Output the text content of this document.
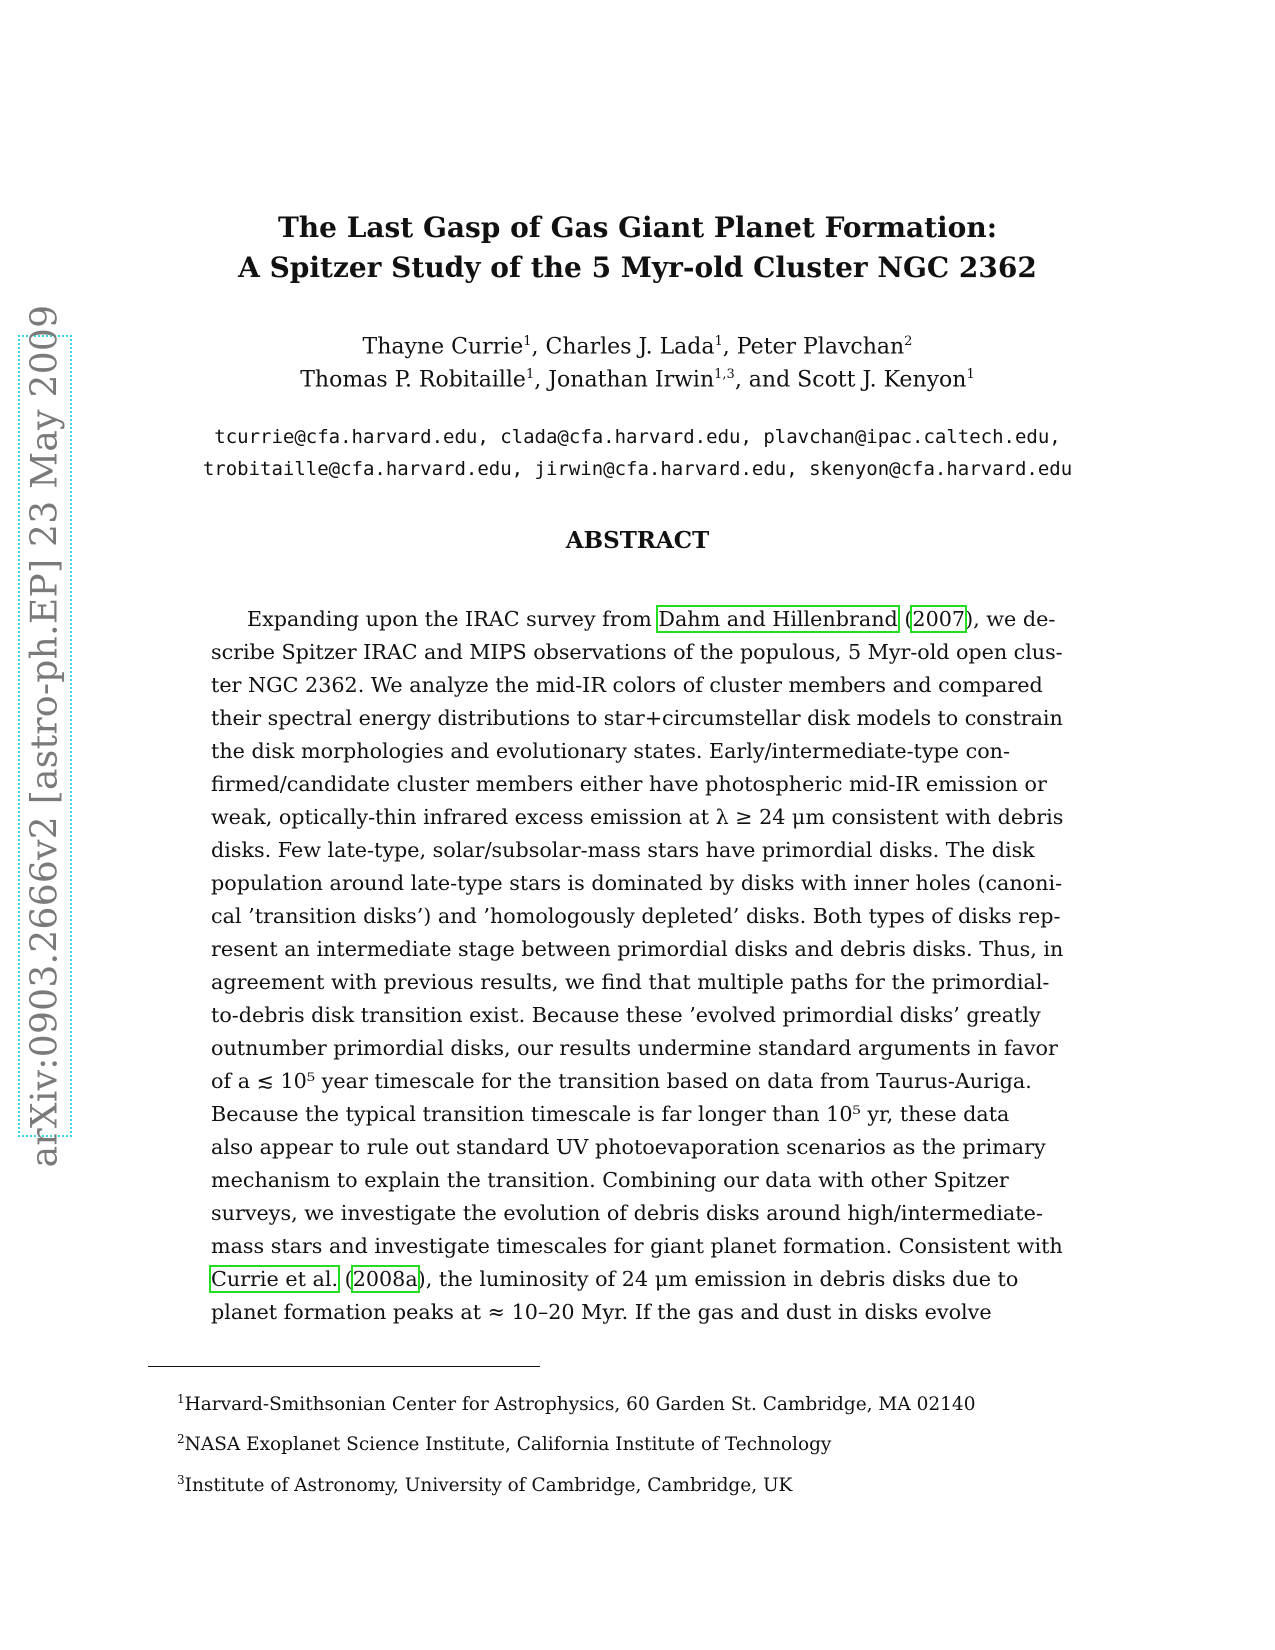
arXiv:0903.2666v2 [astro-ph.EP] 23 May 2009
The Last Gasp of Gas Giant Planet Formation:
A Spitzer Study of the 5 Myr-old Cluster NGC 2362
Thayne Currie$^1$, Charles J. Lada$^1$, Peter Plavchan$^2$
Thomas P. Robitaille$^1$, Jonathan Irwin$^{1,3}$, and Scott J. Kenyon$^1$
tcurrie@cfa.harvard.edu, clada@cfa.harvard.edu, plavchan@ipac.caltech.edu,
trobitaille@cfa.harvard.edu, jirwin@cfa.harvard.edu, skenyon@cfa.harvard.edu
ABSTRACT
Expanding upon the IRAC survey from Dahm and Hillenbrand (2007), we de-
scribe Spitzer IRAC and MIPS observations of the populous, 5 Myr-old open clus-
ter NGC 2362. We analyze the mid-IR colors of cluster members and compared
their spectral energy distributions to star+circumstellar disk models to constrain
the disk morphologies and evolutionary states. Early/intermediate-type con-
firmed/candidate cluster members either have photospheric mid-IR emission or
weak, optically-thin infrared excess emission at λ ≥ 24 μm consistent with debris
disks. Few late-type, solar/subsolar-mass stars have primordial disks. The disk
population around late-type stars is dominated by disks with inner holes (canoni-
cal ’transition disks’) and ’homologously depleted’ disks. Both types of disks rep-
resent an intermediate stage between primordial disks and debris disks. Thus, in
agreement with previous results, we find that multiple paths for the primordial-
to-debris disk transition exist. Because these ’evolved primordial disks’ greatly
outnumber primordial disks, our results undermine standard arguments in favor
of a ≲ 10⁵ year timescale for the transition based on data from Taurus-Auriga.
Because the typical transition timescale is far longer than 10⁵ yr, these data
also appear to rule out standard UV photoevaporation scenarios as the primary
mechanism to explain the transition. Combining our data with other Spitzer
surveys, we investigate the evolution of debris disks around high/intermediate-
mass stars and investigate timescales for giant planet formation. Consistent with
Currie et al. (2008a), the luminosity of 24 μm emission in debris disks due to
planet formation peaks at ≈ 10–20 Myr. If the gas and dust in disks evolve
$^1$Harvard-Smithsonian Center for Astrophysics, 60 Garden St. Cambridge, MA 02140
$^2$NASA Exoplanet Science Institute, California Institute of Technology
$^3$Institute of Astronomy, University of Cambridge, Cambridge, UK
